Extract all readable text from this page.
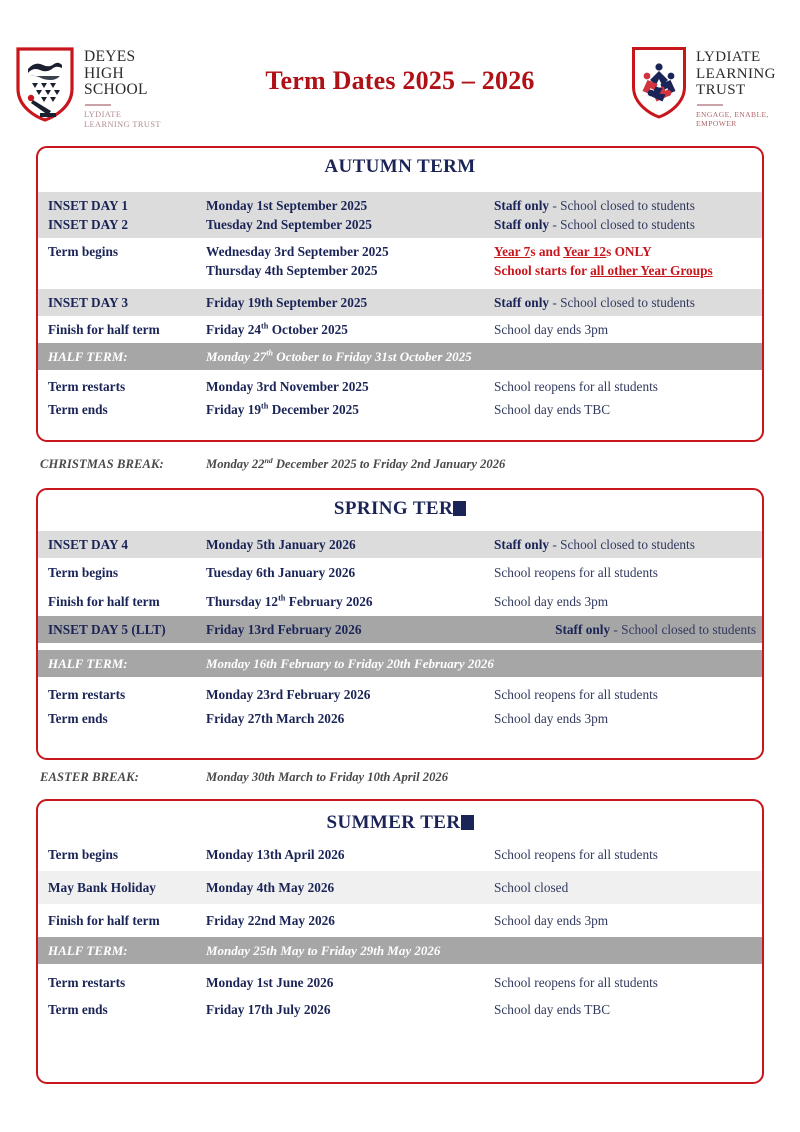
DEYES
HIGH
SCHOOL
LYDIATE
LEARNING TRUST
Term Dates 2025 – 2026
LYDIATE
LEARNING
TRUST
ENGAGE, ENABLE,
EMPOWER
AUTUMN TERM
INSET DAY 1	Monday 1st September 2025	Staff only - School closed to students
INSET DAY 2	Tuesday 2nd September 2025	Staff only - School closed to students
Term begins	Wednesday 3rd September 2025	Year 7s and Year 12s ONLY
Thursday 4th September 2025	School starts for all other Year Groups
INSET DAY 3	Friday 19th September 2025	Staff only - School closed to students
Finish for half term	Friday 24th October 2025	School day ends 3pm
HALF TERM:	Monday 27th October to Friday 31st October 2025
Term restarts	Monday 3rd November 2025	School reopens for all students
Term ends	Friday 19th December 2025	School day ends TBC
CHRISTMAS BREAK:	Monday 22nd December 2025 to Friday 2nd January 2026
SPRING TER
INSET DAY 4	Monday 5th January 2026	Staff only - School closed to students
Term begins	Tuesday 6th January 2026	School reopens for all students
Finish for half term	Thursday 12th February 2026	School day ends 3pm
INSET DAY 5 (LLT)	Friday 13rd February 2026	Staff only - School closed to students
HALF TERM:	Monday 16th February to Friday 20th February 2026
Term restarts	Monday 23rd February 2026	School reopens for all students
Term ends	Friday 27th March 2026	School day ends 3pm
EASTER BREAK:	Monday 30th March to Friday 10th April 2026
SUMMER TER
Term begins	Monday 13th April 2026	School reopens for all students
May Bank Holiday	Monday 4th May 2026	School closed
Finish for half term	Friday 22nd May 2026	School day ends 3pm
HALF TERM:	Monday 25th May to Friday 29th May 2026
Term restarts	Monday 1st June 2026	School reopens for all students
Term ends	Friday 17th July 2026	School day ends TBC
